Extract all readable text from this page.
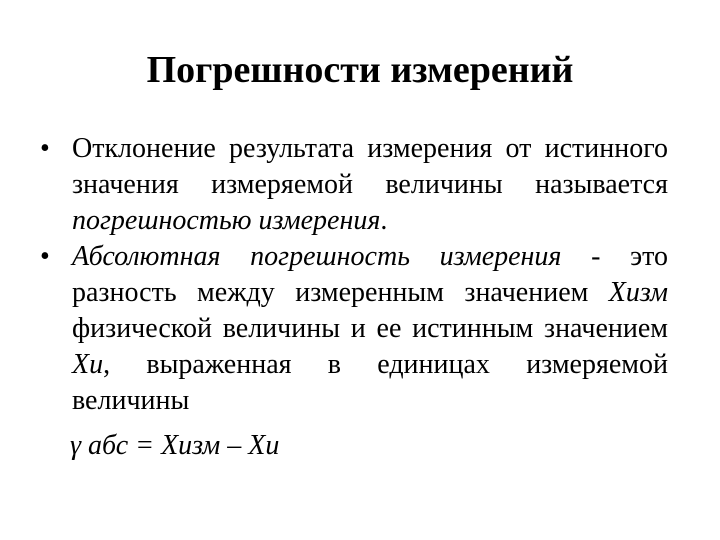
Погрешности измерений
• Отклонение результата измерения от истинного значения измеряемой величины называется погрешностью измерения.
• Абсолютная погрешность измерения - это разность между измеренным значением Хизм физической величины и ее истинным значением Хи, выраженная в единицах измеряемой величины

γ абс = Хизм – Хи
